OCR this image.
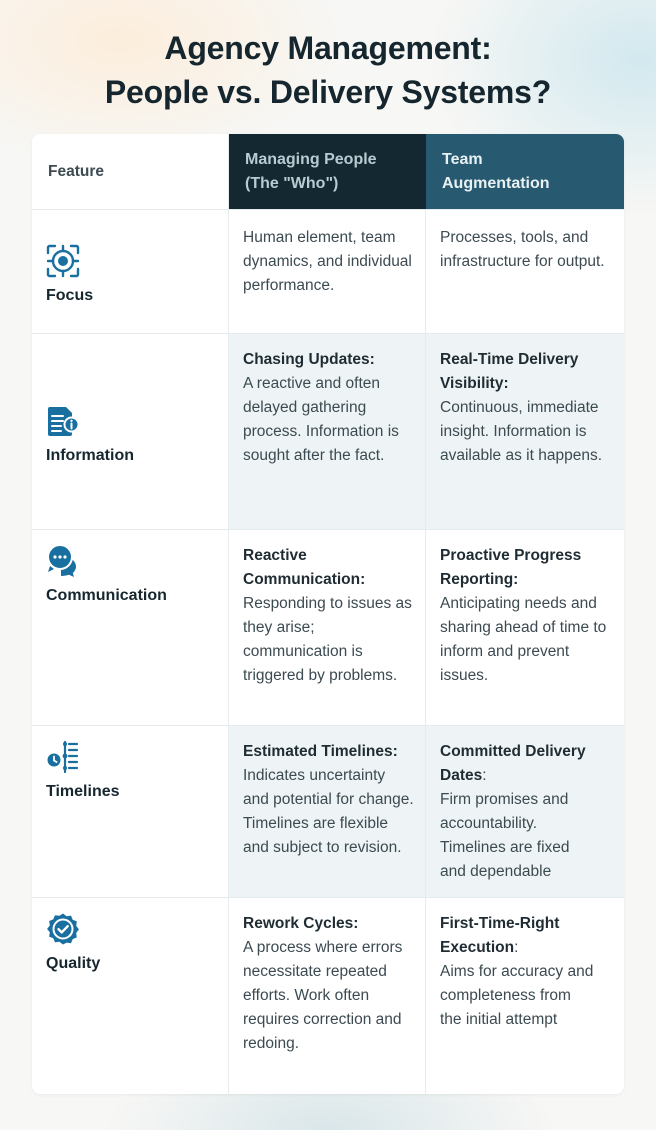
Agency Management:
People vs. Delivery Systems?
Feature
Managing People (The "Who")
Team Augmentation
Focus
Human element, team dynamics, and individual performance.
Processes, tools, and infrastructure for output.
Information
Chasing Updates:
A reactive and often delayed gathering process. Information is sought after the fact.
Real-Time Delivery Visibility:
Continuous, immediate insight. Information is available as it happens.
Communication
Reactive Communication:
Responding to issues as they arise; communication is triggered by problems.
Proactive Progress Reporting:
Anticipating needs and sharing ahead of time to inform and prevent issues.
Timelines
Estimated Timelines:
Indicates uncertainty and potential for change. Timelines are flexible and subject to revision.
Committed Delivery Dates:
Firm promises and accountability. Timelines are fixed and dependable
Quality
Rework Cycles:
A process where errors necessitate repeated efforts. Work often requires correction and redoing.
First-Time-Right Execution:
Aims for accuracy and completeness from the initial attempt
